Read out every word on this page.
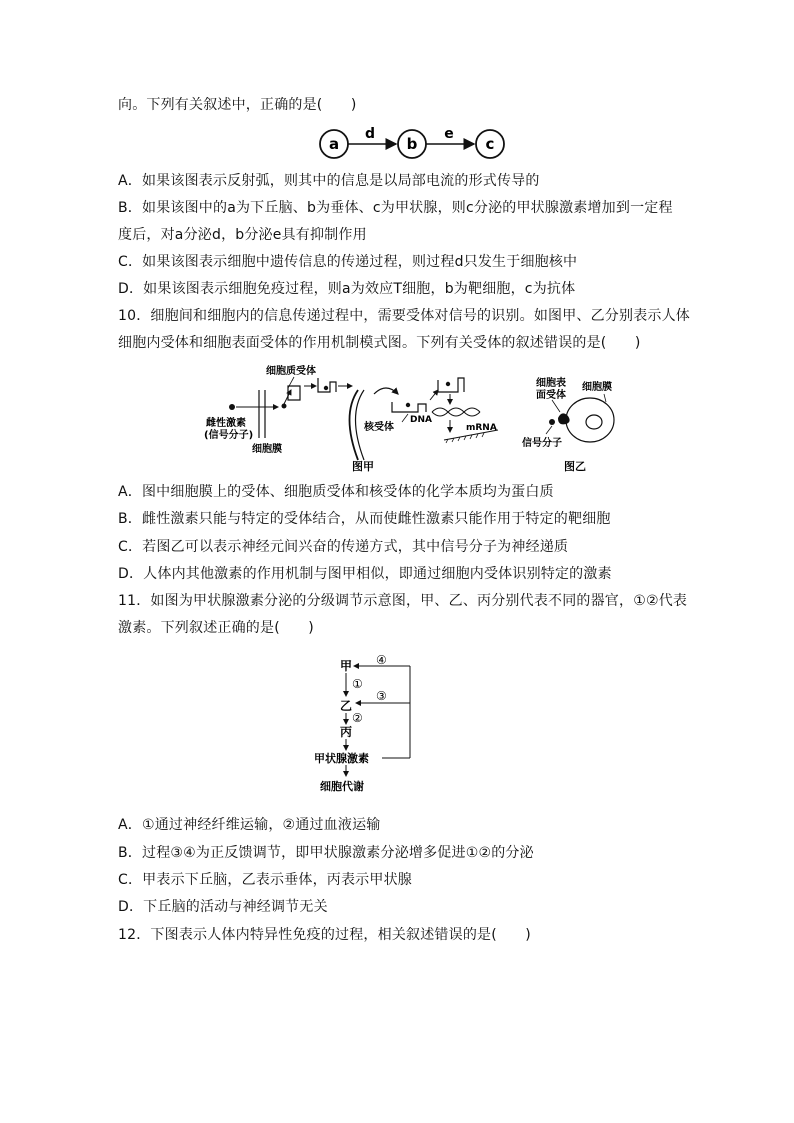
向。下列有关叙述中，正确的是(　　)
a
d
b
e
c
A．如果该图表示反射弧，则其中的信息是以局部电流的形式传导的
B．如果该图中的a为下丘脑、b为垂体、c为甲状腺，则c分泌的甲状腺激素增加到一定程
度后，对a分泌d，b分泌e具有抑制作用
C．如果该图表示细胞中遗传信息的传递过程，则过程d只发生于细胞核中
D．如果该图表示细胞免疫过程，则a为效应T细胞，b为靶细胞，c为抗体
10．细胞间和细胞内的信息传递过程中，需要受体对信号的识别。如图甲、乙分别表示人体
细胞内受体和细胞表面受体的作用机制模式图。下列有关受体的叙述错误的是(　　)
细胞质受体
核受体
DNA
mRNA
雌性激素
(信号分子)
细胞膜
图甲
细胞表
面受体
细胞膜
信号分子
图乙
A．图中细胞膜上的受体、细胞质受体和核受体的化学本质均为蛋白质
B．雌性激素只能与特定的受体结合，从而使雌性激素只能作用于特定的靶细胞
C．若图乙可以表示神经元间兴奋的传递方式，其中信号分子为神经递质
D．人体内其他激素的作用机制与图甲相似，即通过细胞内受体识别特定的激素
11．如图为甲状腺激素分泌的分级调节示意图，甲、乙、丙分别代表不同的器官，①②代表
激素。下列叙述正确的是(　　)
甲 ④
①
③
乙
②
丙
甲状腺激素
细胞代谢
A．①通过神经纤维运输，②通过血液运输
B．过程③④为正反馈调节，即甲状腺激素分泌增多促进①②的分泌
C．甲表示下丘脑，乙表示垂体，丙表示甲状腺
D．下丘脑的活动与神经调节无关
12．下图表示人体内特异性免疫的过程，相关叙述错误的是(　　)
